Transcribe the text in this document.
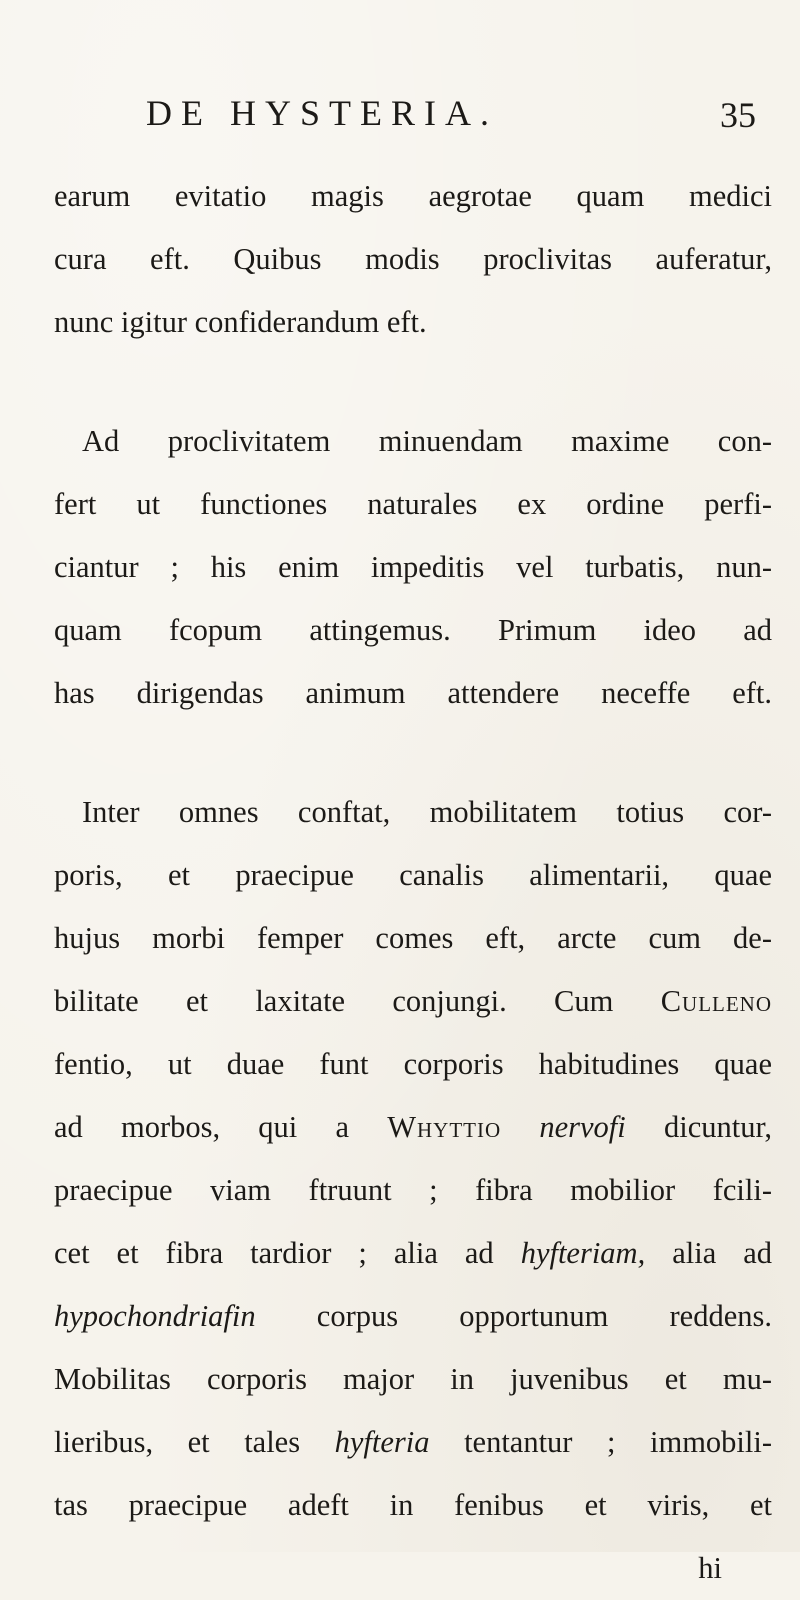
DE HYSTERIA.	35
earum evitatio magis aegrotae quam medici
cura eft. Quibus modis proclivitas auferatur,
nunc igitur confiderandum eft.
Ad proclivitatem minuendam maxime con-
fert ut functiones naturales ex ordine perfi-
ciantur ; his enim impeditis vel turbatis, nun-
quam fcopum attingemus. Primum ideo ad
has dirigendas animum attendere neceffe eft.
Inter omnes conftat, mobilitatem totius cor-
poris, et praecipue canalis alimentarii, quae
hujus morbi femper comes eft, arcte cum de-
bilitate et laxitate conjungi. Cum Culleno
fentio, ut duae funt corporis habitudines quae
ad morbos, qui a Whyttio nervofi dicuntur,
praecipue viam ftruunt ; fibra mobilior fcili-
cet et fibra tardior ; alia ad hyfteriam, alia ad
hypochondriafin corpus opportunum reddens.
Mobilitas corporis major in juvenibus et mu-
lieribus, et tales hyfteria tentantur ; immobili-
tas praecipue adeft in fenibus et viris, et
hi
